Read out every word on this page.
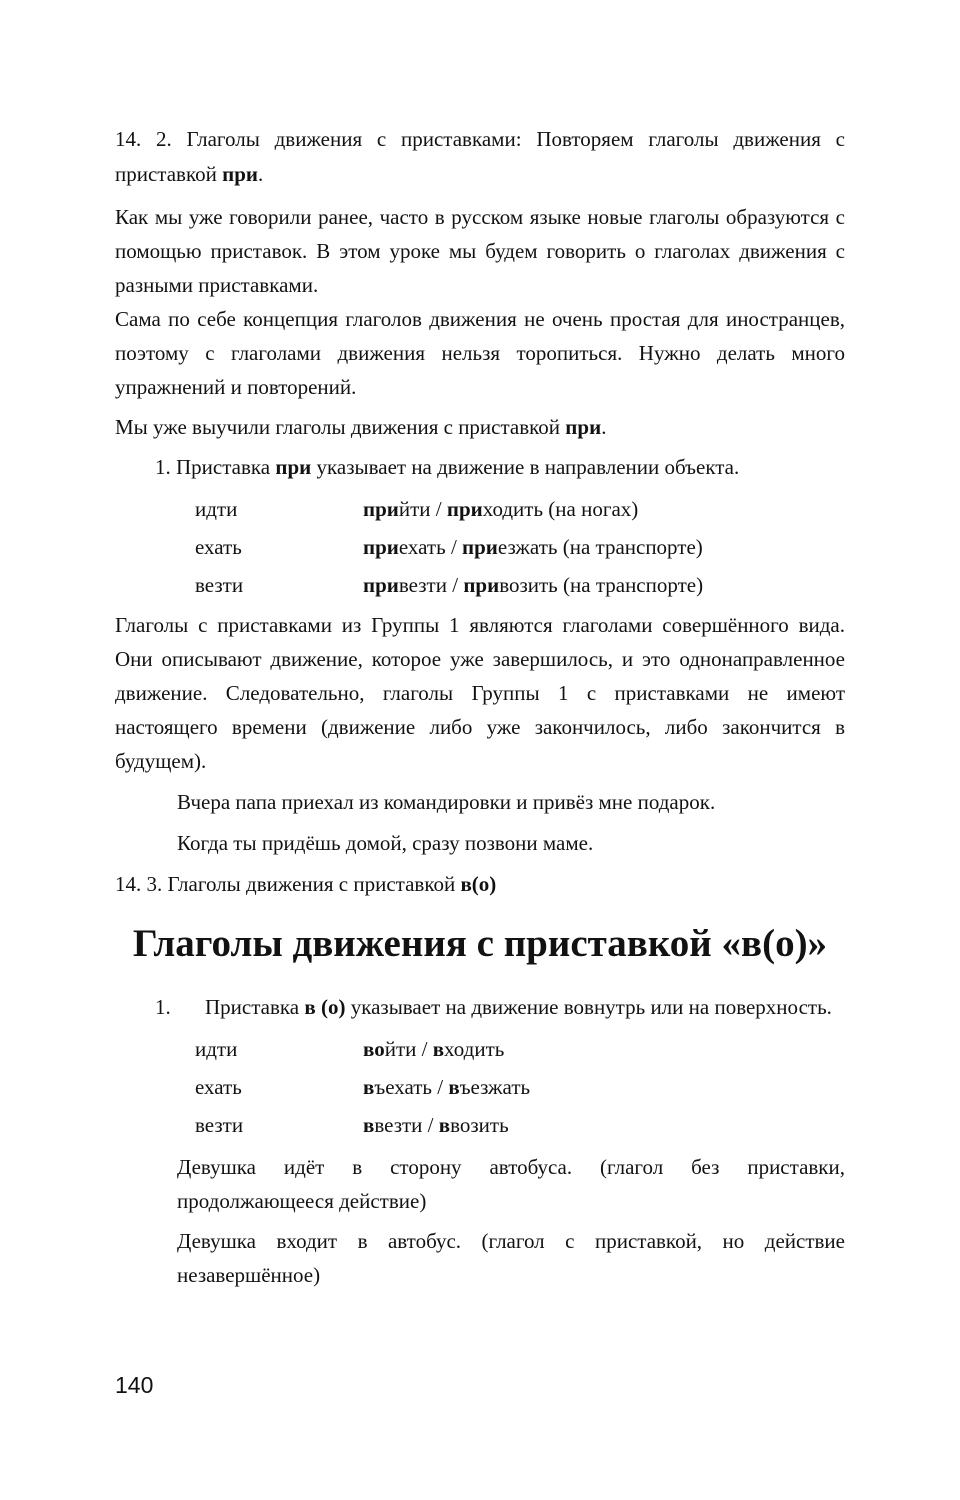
14. 2. Глаголы движения с приставками: Повторяем глаголы движения с приставкой при.
Как мы уже говорили ранее, часто в русском языке новые глаголы образуются с помощью приставок. В этом уроке мы будем говорить о глаголах движения с разными приставками.
Сама по себе концепция глаголов движения не очень простая для иностранцев, поэтому с глаголами движения нельзя торопиться. Нужно делать много упражнений и повторений.
Мы уже выучили глаголы движения с приставкой при.
1. Приставка при указывает на движение в направлении объекта.
идти	прийти / приходить (на ногах)
ехать	приехать / приезжать (на транспорте)
везти	привезти / привозить (на транспорте)
Глаголы с приставками из Группы 1 являются глаголами совершённого вида. Они описывают движение, которое уже завершилось, и это однонаправленное движение. Следовательно, глаголы Группы 1 с приставками не имеют настоящего времени (движение либо уже закончилось, либо закончится в будущем).
Вчера папа приехал из командировки и привёз мне подарок.
Когда ты придёшь домой, сразу позвони маме.
14. 3. Глаголы движения с приставкой в(о)
Глаголы движения с приставкой «в(о)»
1.	Приставка в (о) указывает на движение вовнутрь или на поверхность.
идти	войти / входить
ехать	въехать / въезжать
везти	ввезти / ввозить
Девушка идёт в сторону автобуса. (глагол без приставки, продолжающееся действие)
Девушка входит в автобус. (глагол с приставкой, но действие незавершённое)
140
